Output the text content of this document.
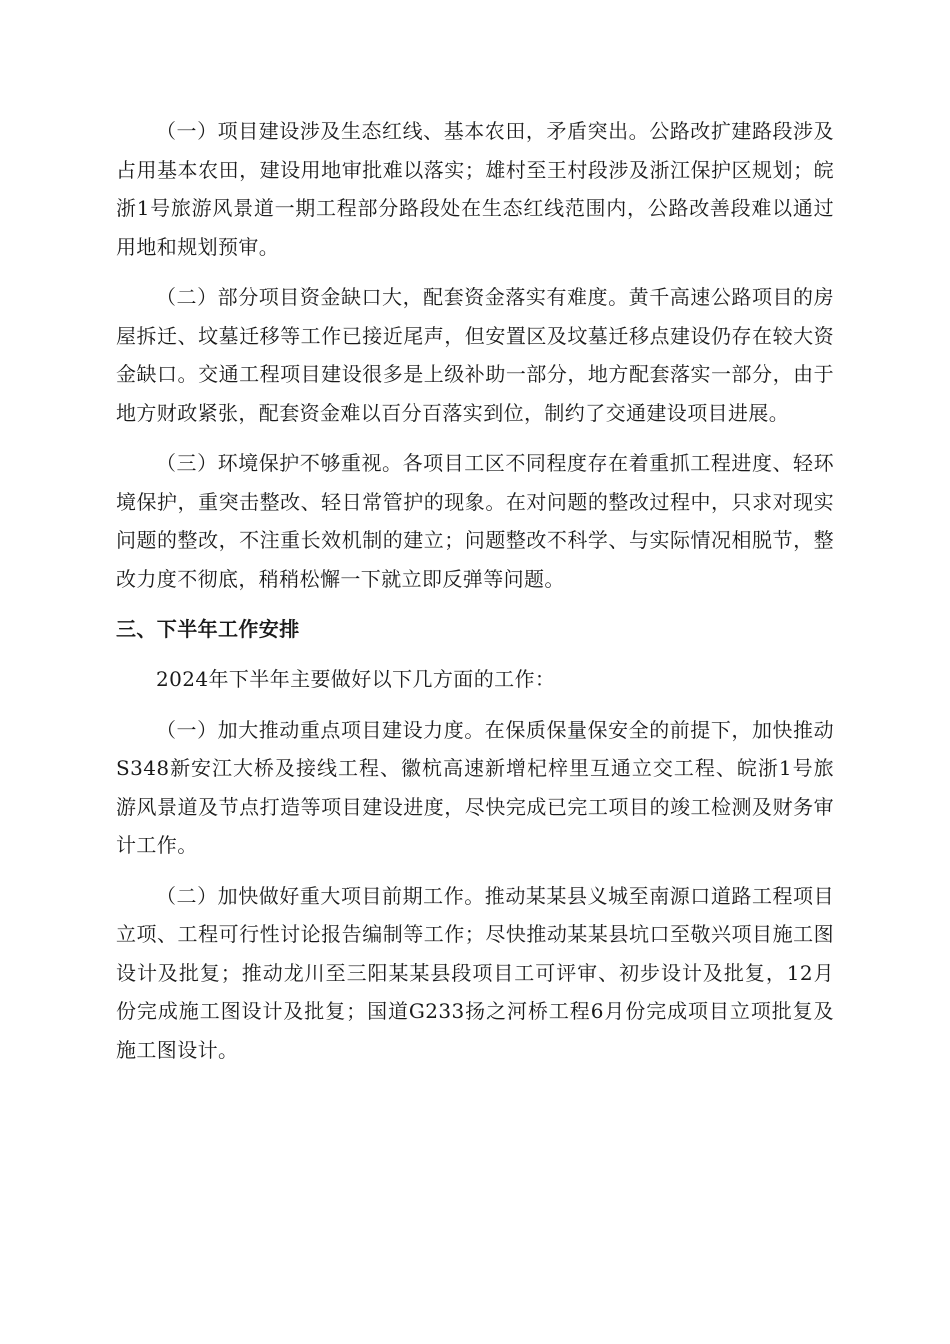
（一）项目建设涉及生态红线、基本农田，矛盾突出。公路改扩建路段涉及占用基本农田，建设用地审批难以落实；雄村至王村段涉及浙江保护区规划；皖浙1号旅游风景道一期工程部分路段处在生态红线范围内，公路改善段难以通过用地和规划预审。

（二）部分项目资金缺口大，配套资金落实有难度。黄千高速公路项目的房屋拆迁、坟墓迁移等工作已接近尾声，但安置区及坟墓迁移点建设仍存在较大资金缺口。交通工程项目建设很多是上级补助一部分，地方配套落实一部分，由于地方财政紧张，配套资金难以百分百落实到位，制约了交通建设项目进展。

（三）环境保护不够重视。各项目工区不同程度存在着重抓工程进度、轻环境保护，重突击整改、轻日常管护的现象。在对问题的整改过程中，只求对现实问题的整改，不注重长效机制的建立；问题整改不科学、与实际情况相脱节，整改力度不彻底，稍稍松懈一下就立即反弹等问题。

三、下半年工作安排

2024年下半年主要做好以下几方面的工作：

（一）加大推动重点项目建设力度。在保质保量保安全的前提下，加快推动S348新安江大桥及接线工程、徽杭高速新增杞梓里互通立交工程、皖浙1号旅游风景道及节点打造等项目建设进度，尽快完成已完工项目的竣工检测及财务审计工作。

（二）加快做好重大项目前期工作。推动某某县义城至南源口道路工程项目立项、工程可行性讨论报告编制等工作；尽快推动某某县坑口至敬兴项目施工图设计及批复；推动龙川至三阳某某县段项目工可评审、初步设计及批复，12月份完成施工图设计及批复；国道G233扬之河桥工程6月份完成项目立项批复及施工图设计。
